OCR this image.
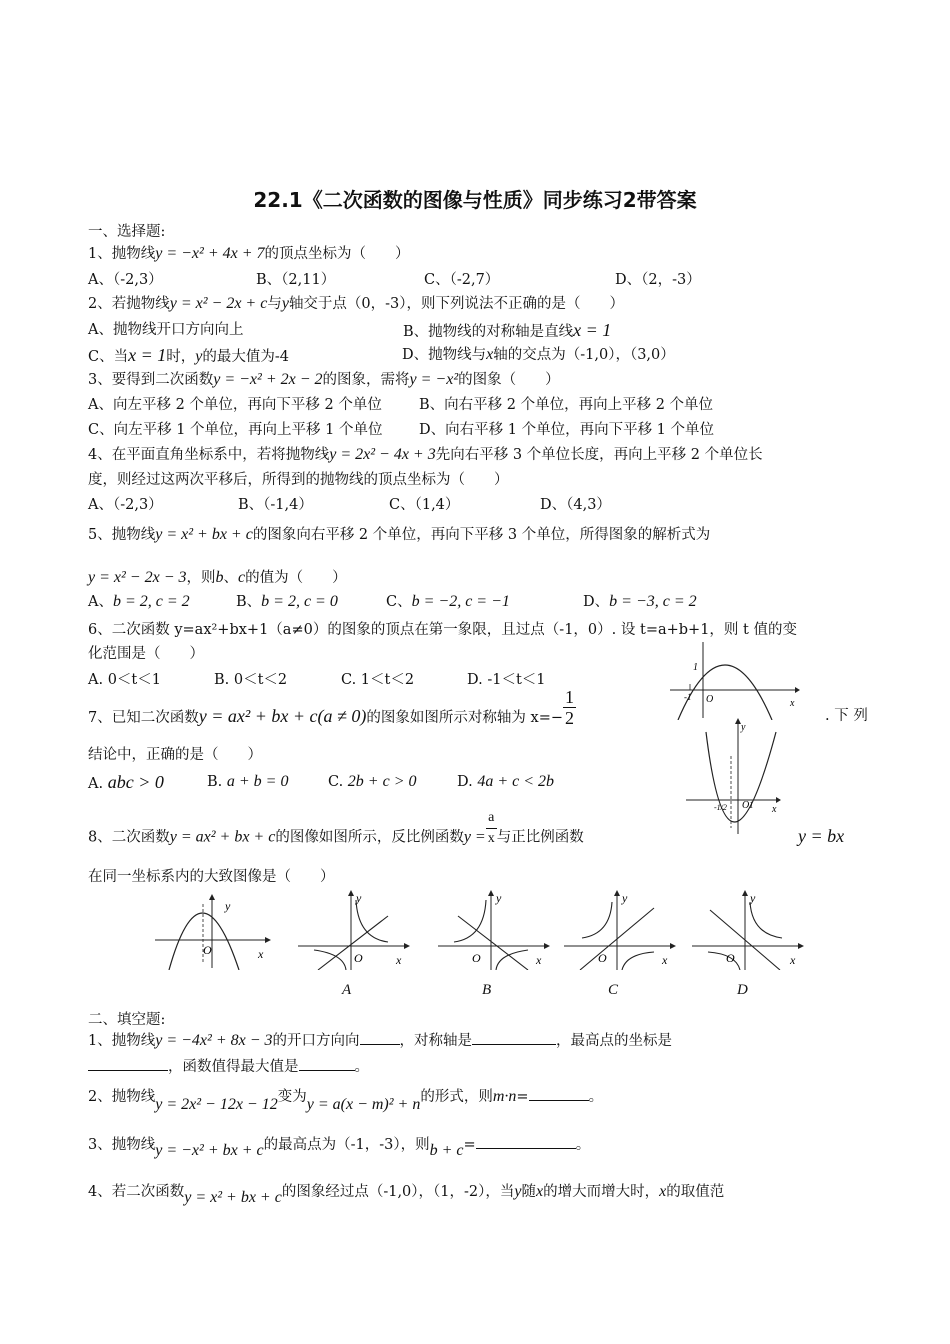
22.1《二次函数的图像与性质》同步练习2带答案
一、选择题:
1、抛物线y = −x² + 4x + 7的顶点坐标为（　　）
A、（-2,3）	B、（2,11）	C、（-2,7）	D、（2，-3）
2、若抛物线y = x² − 2x + c与y轴交于点（0，-3），则下列说法不正确的是（　　）
A、抛物线开口方向向上	B、抛物线的对称轴是直线x = 1
C、当x = 1时，y的最大值为-4	D、抛物线与x轴的交点为（-1,0），（3,0）
3、要得到二次函数y = −x² + 2x − 2的图象，需将y = −x²的图象（　　）
A、向左平移 2 个单位，再向下平移 2 个单位	B、向右平移 2 个单位，再向上平移 2 个单位
C、向左平移 1 个单位，再向上平移 1 个单位	D、向右平移 1 个单位，再向下平移 1 个单位
4、在平面直角坐标系中，若将抛物线y = 2x² − 4x + 3先向右平移 3 个单位长度，再向上平移 2 个单位长
度，则经过这两次平移后，所得到的抛物线的顶点坐标为（　　）
A、（-2,3）	B、（-1,4）	C、（1,4）	D、（4,3）
5、抛物线y = x² + bx + c的图象向右平移 2 个单位，再向下平移 3 个单位，所得图象的解析式为
y = x² − 2x − 3，则b、c的值为（　　）
A、b = 2, c = 2	B、b = 2, c = 0	C、b = −2, c = −1	D、b = −3, c = 2
6、二次函数 y=ax²+bx+1（a≠0）的图象的顶点在第一象限，且过点（-1，0）. 设 t=a+b+1，则 t 值的变
化范围是（　　）
A. 0＜t＜1	B. 0＜t＜2	C. 1＜t＜2	D. -1＜t＜1
x
1
O
-1
7、已知二次函数y = ax² + bx + c(a ≠ 0)的图象如图所示对称轴为 $x=- \frac{1}{2}$	. 下 列
结论中，正确的是（　　）
A. abc > 0	B. a + b = 0	C. 2b + c > 0	D. 4a + c < 2b
y
x
O 1
-1/2
8、二次函数y = ax² + bx + c的图像如图所示，反比例函数$y = \frac{a}{x}$ 与正比例函数	y = bx
在同一坐标系内的大致图像是（　　）
y
x
O
y
x
O
y
x
O
y
x
O
y
x
O
A	B	C	D
二、填空题:
1、抛物线y = −4x² + 8x − 3的开口方向向	，对称轴是	，最高点的坐标是
，函数值得最大值是	。
2、抛物线y = 2x² − 12x − 12变为y = a(x − m)² + n的形式，则m·n=	。
3、抛物线y = −x² + bx + c的最高点为（-1，-3），则b + c=	。
4、若二次函数y = x² + bx + c的图象经过点（-1,0），（1，-2），当y随x的增大而增大时，x的取值范
